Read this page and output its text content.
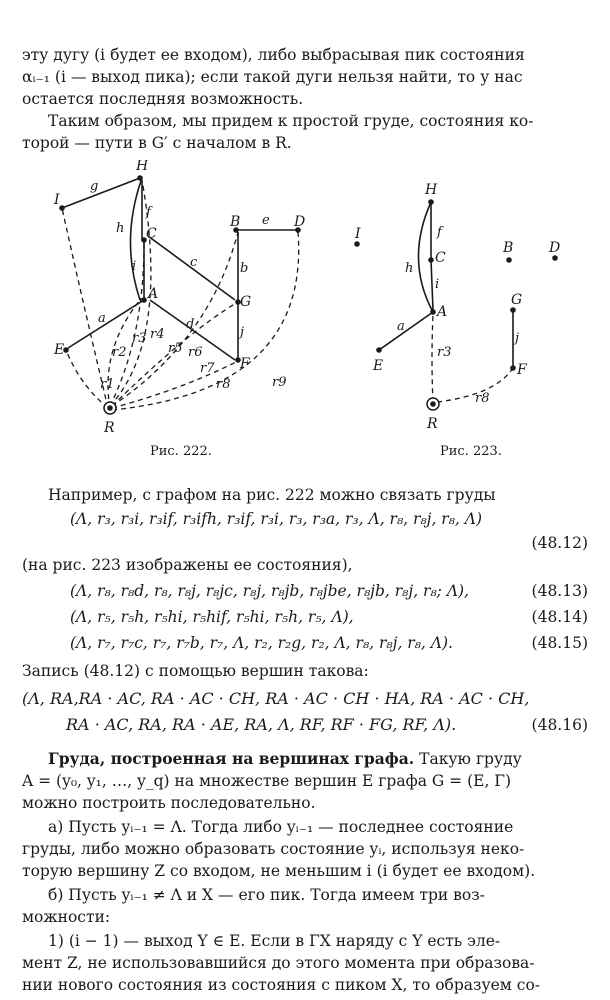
эту дугу (i будет ее входом), либо выбрасывая пик состояния
αᵢ₋₁ (i — выход пика); если такой дуги нельзя найти, то у нас
остается последняя возможность.
Таким образом, мы придем к простой груде, состояния ко-
торой — пути в G′ с началом в R.
H
I
C
B	D
A	G
E
F
R
g
h
f
i	c
e
b
a	d
j
r2
r1
r3 r4
r5 r6
r7
r8	r9
Рис. 222.
H
I
C
B	D
A
G
E	F
R
f
h
i
a
j
r3
r8
Рис. 223.
Например, с графом на рис. 222 можно связать груды
(Λ, r₃, r₃i, r₃if, r₃ifh, r₃if, r₃i, r₃, r₃a, r₃, Λ, r₈, r₈j, r₈, Λ)
(48.12)
(на рис. 223 изображены ее состояния),
(Λ, r₈, r₈d, r₈, r₈j, r₈jc, r₈j, r₈jb, r₈jbe, r₈jb, r₈j, r₈; Λ),	(48.13)
(Λ, r₅, r₅h, r₅hi, r₅hif, r₅hi, r₅h, r₅, Λ),	(48.14)
(Λ, r₇, r₇c, r₇, r₇b, r₇, Λ, r₂, r₂g, r₂, Λ, r₈, r₈j, r₈, Λ).	(48.15)
Запись (48.12) с помощью вершин такова:
(Λ, RA,RA · AC, RA · AC · CH, RA · AC · CH · HA, RA · AC · CH,
RA · AC, RA, RA · AE, RA, Λ, RF, RF · FG, RF, Λ).	(48.16)
Груда, построенная на вершинах графа. Такую груду
A = (y₀, y₁, …, y_q) на множестве вершин E графа G = (E, Γ)
можно построить последовательно.
а) Пусть yᵢ₋₁ = Λ. Тогда либо yᵢ₋₁ — последнее состояние
груды, либо можно образовать состояние yᵢ, используя неко-
торую вершину Z со входом, не меньшим i (i будет ее входом).
б) Пусть yᵢ₋₁ ≠ Λ и X — его пик. Тогда имеем три воз-
можности:
1) (i − 1) — выход Y ∈ E. Если в ΓX наряду с Y есть эле-
мент Z, не использовавшийся до этого момента при образова-
нии нового состояния из состояния с пиком X, то образуем со-
